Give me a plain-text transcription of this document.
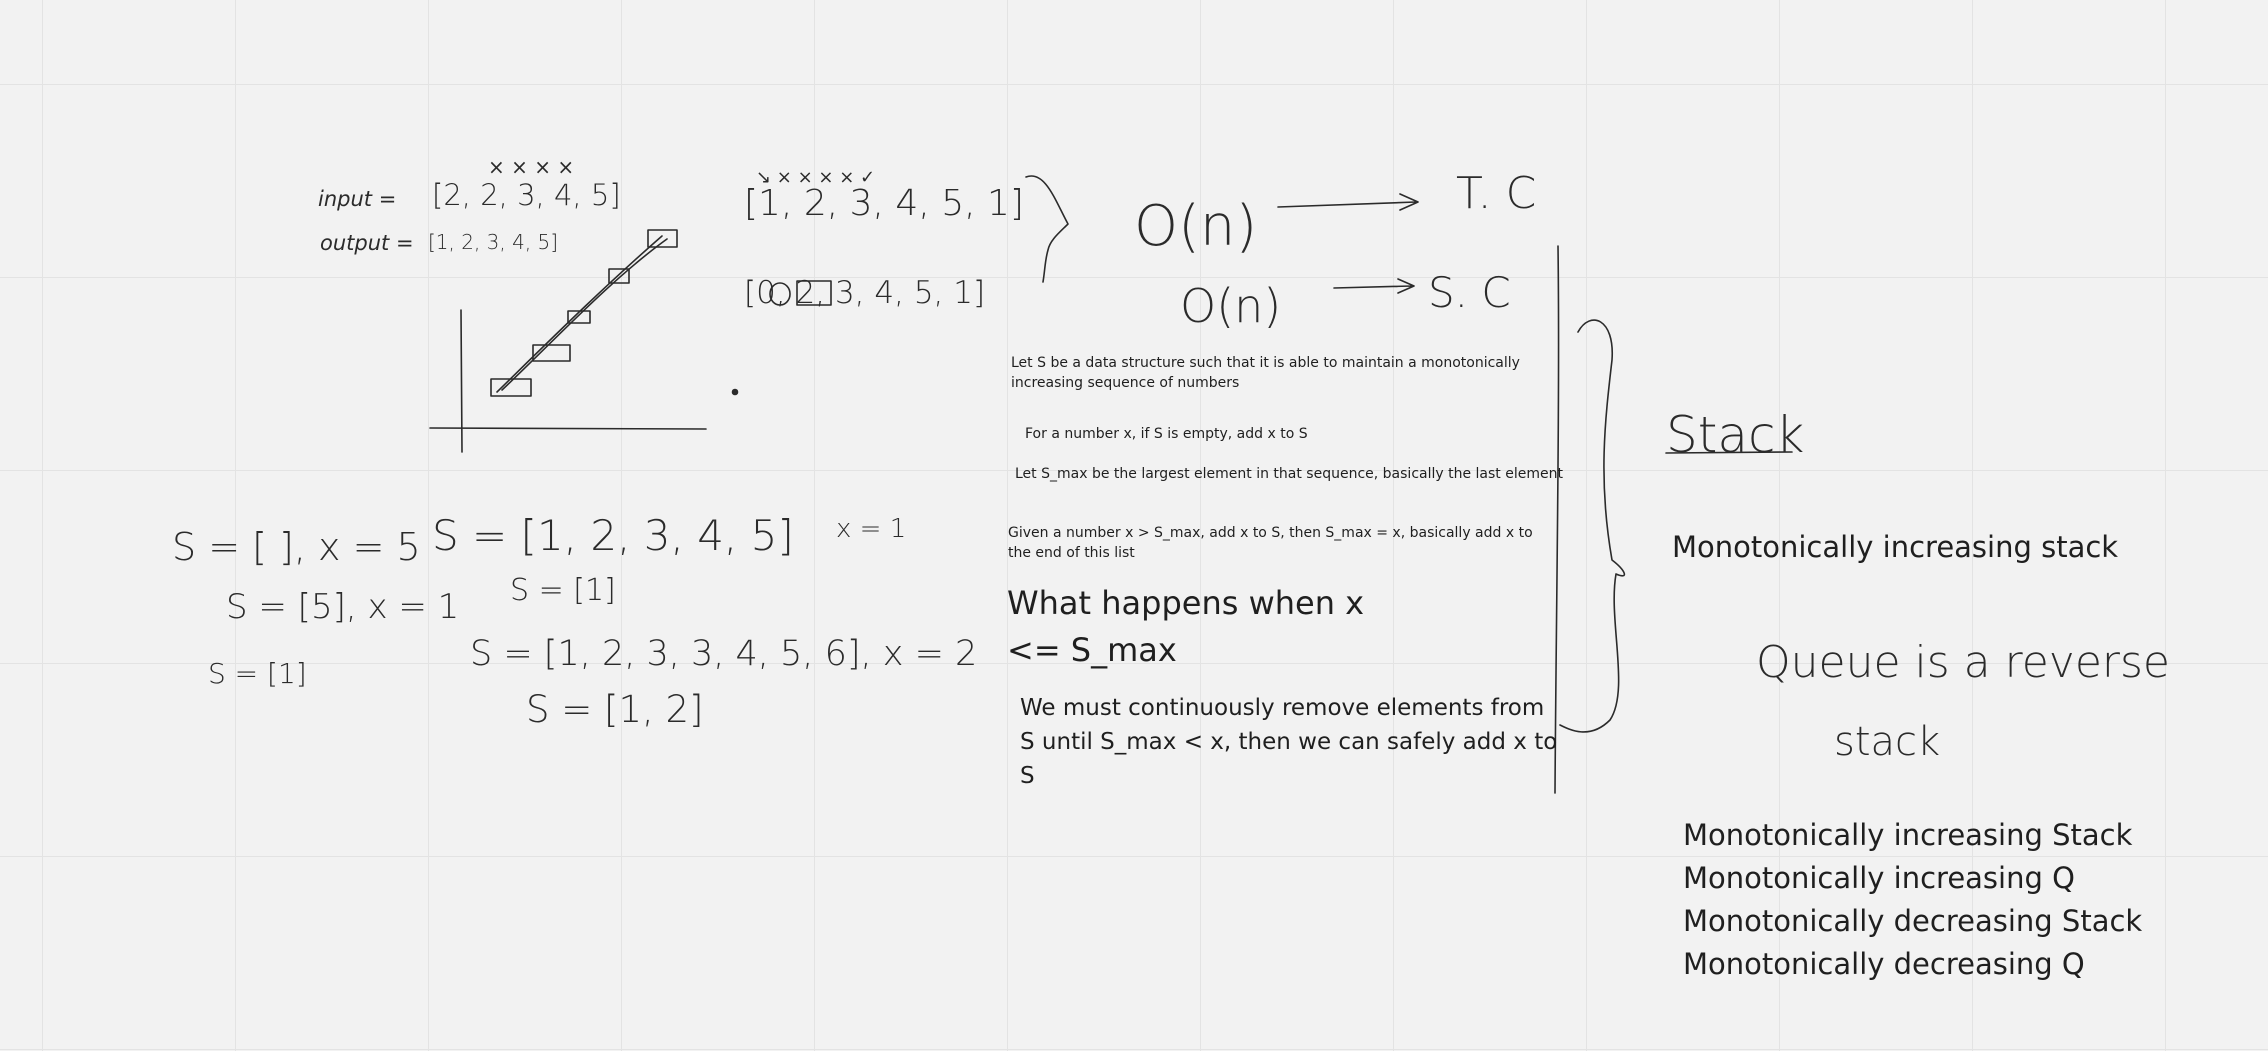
input =
× × × ×
[2, 2, 3, 4, 5]
output = [1, 2, 3, 4, 5]
↘ × × × × ✓
[1, 2, 3, 4, 5, 1]
[0, 2, 3, 4, 5, 1]
O(n)
T. C
O(n)	S. C
S = [ ], x = 5
S = [5], x = 1
S = [1]
S = [1, 2, 3, 4, 5] x = 1
S = [1]
S = [1, 2, 3, 3, 4, 5, 6], x = 2
S = [1, 2]
Stack
Queue is a reverse
stack
Let S be a data structure such that it is able to maintain a monotonically increasing sequence of numbers
For a number x, if S is empty, add x to S
Let S_max be the largest element in that sequence, basically the last element
Given a number x > S_max, add x to S, then S_max = x, basically add x to the end of this list
What happens when x
<= S_max
We must continuously remove elements from S until S_max < x, then we can safely add x to S
Monotonically increasing stack
Monotonically increasing Stack
Monotonically increasing Q
Monotonically decreasing Stack
Monotonically decreasing Q
